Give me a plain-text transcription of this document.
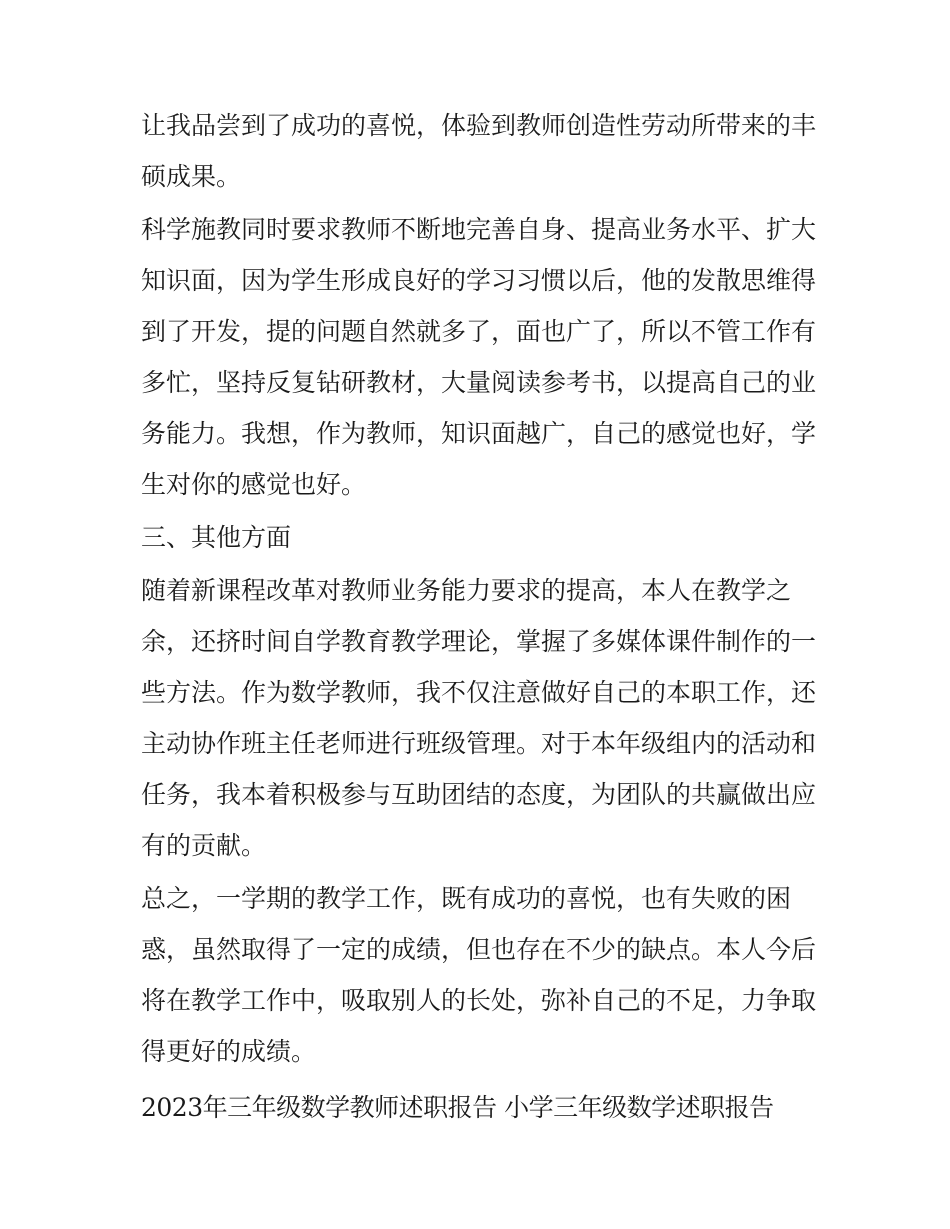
让我品尝到了成功的喜悦，体验到教师创造性劳动所带来的丰
硕成果。
科学施教同时要求教师不断地完善自身、提高业务水平、扩大
知识面，因为学生形成良好的学习习惯以后，他的发散思维得
到了开发，提的问题自然就多了，面也广了，所以不管工作有
多忙，坚持反复钻研教材，大量阅读参考书，以提高自己的业
务能力。我想，作为教师，知识面越广，自己的感觉也好，学
生对你的感觉也好。
三、其他方面
随着新课程改革对教师业务能力要求的提高，本人在教学之
余，还挤时间自学教育教学理论，掌握了多媒体课件制作的一
些方法。作为数学教师，我不仅注意做好自己的本职工作，还
主动协作班主任老师进行班级管理。对于本年级组内的活动和
任务，我本着积极参与互助团结的态度，为团队的共赢做出应
有的贡献。
总之，一学期的教学工作，既有成功的喜悦，也有失败的困
惑，虽然取得了一定的成绩，但也存在不少的缺点。本人今后
将在教学工作中，吸取别人的长处，弥补自己的不足，力争取
得更好的成绩。
2023年三年级数学教师述职报告 小学三年级数学述职报告
